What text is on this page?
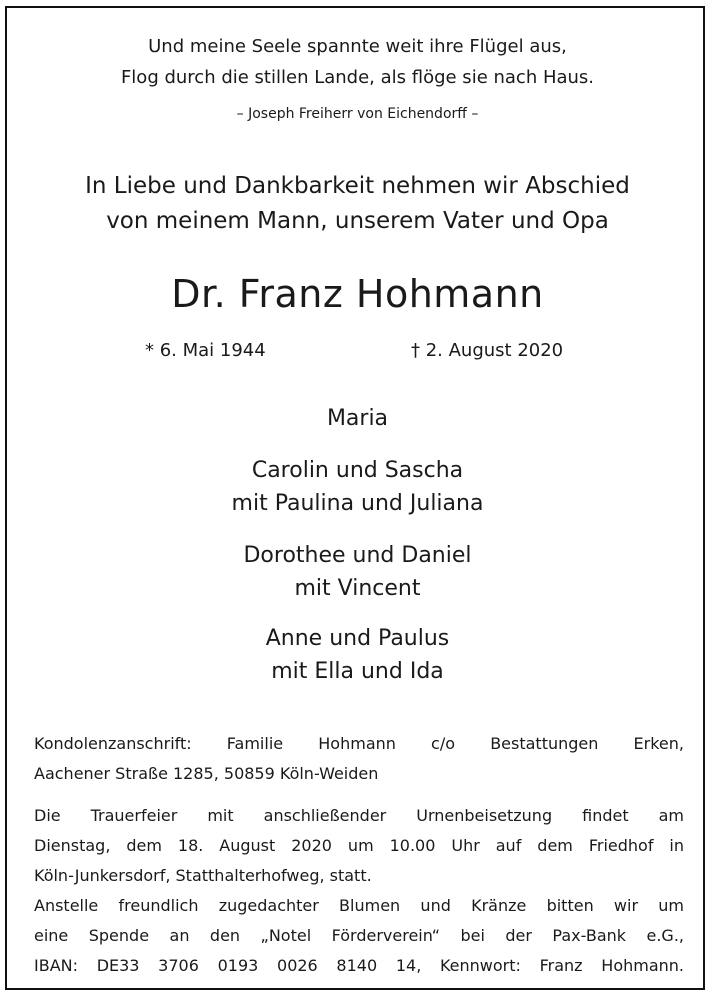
Und meine Seele spannte weit ihre Flügel aus,
Flog durch die stillen Lande, als flöge sie nach Haus.
– Joseph Freiherr von Eichendorff –
In Liebe und Dankbarkeit nehmen wir Abschied
von meinem Mann, unserem Vater und Opa
Dr. Franz Hohmann
* 6. Mai 1944	† 2. August 2020
Maria
Carolin und Sascha
mit Paulina und Juliana
Dorothee und Daniel
mit Vincent
Anne und Paulus
mit Ella und Ida
Kondolenzanschrift: Familie Hohmann c/o Bestattungen Erken,
Aachener Straße 1285, 50859 Köln-Weiden
Die Trauerfeier mit anschließender Urnenbeisetzung findet am
Dienstag, dem 18. August 2020 um 10.00 Uhr auf dem Friedhof in
Köln-Junkersdorf, Statthalterhofweg, statt.
Anstelle freundlich zugedachter Blumen und Kränze bitten wir um
eine Spende an den „Notel Förderverein“ bei der Pax-Bank e.G.,
IBAN: DE33 3706 0193 0026 8140 14, Kennwort: Franz Hohmann.
